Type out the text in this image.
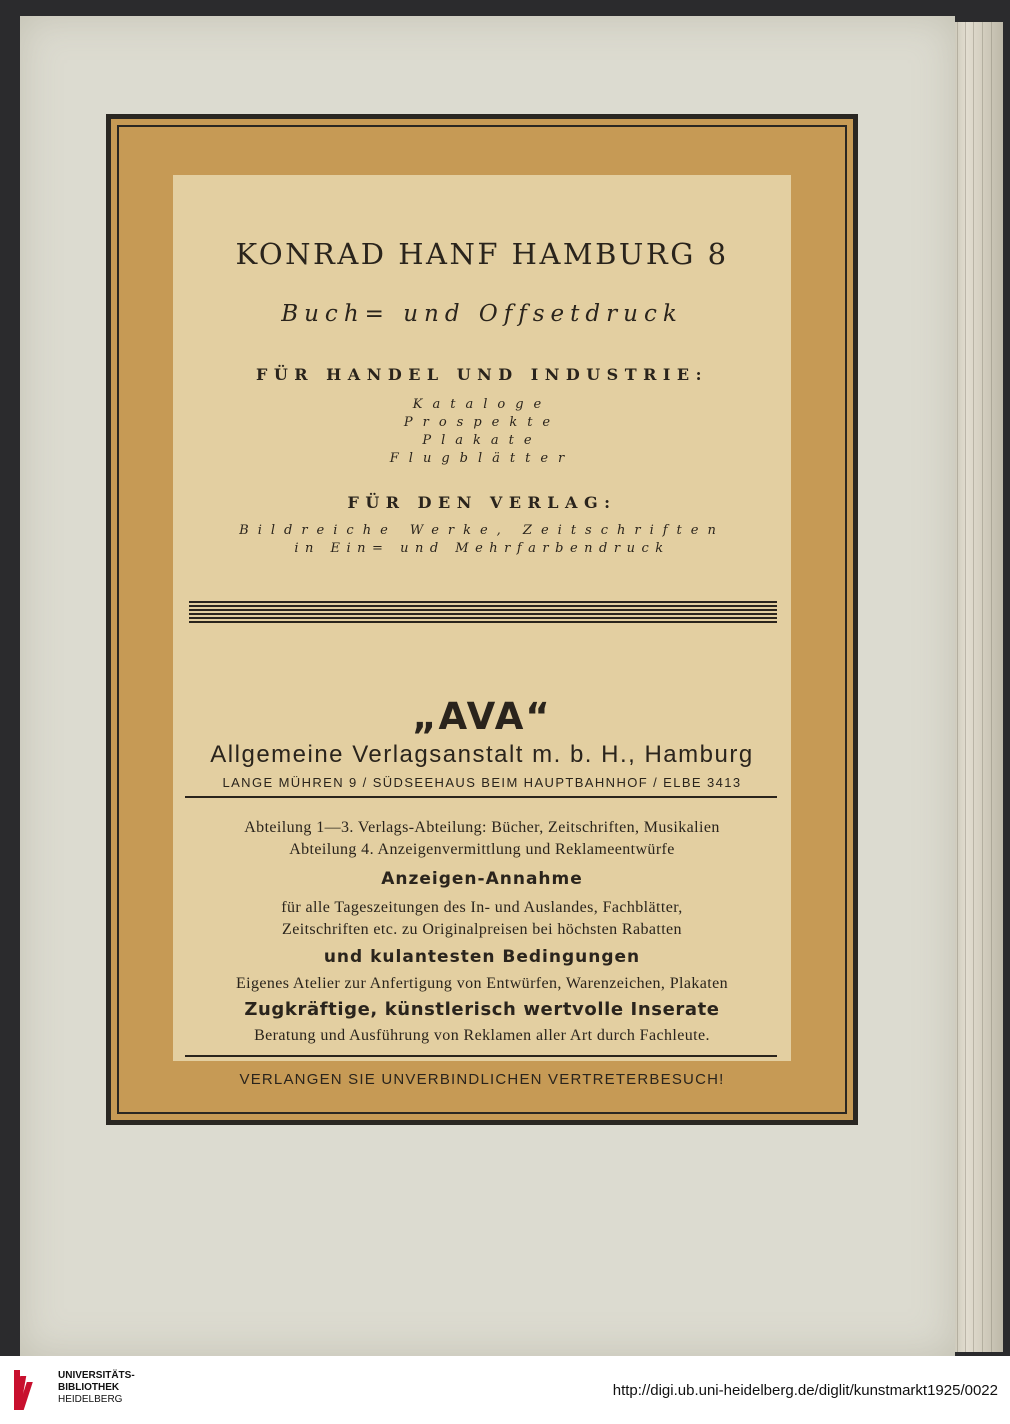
KONRAD HANF HAMBURG 8
Buch= und Offsetdruck
FÜR HANDEL UND INDUSTRIE:
Kataloge
Prospekte
Plakate
Flugblätter
FÜR DEN VERLAG:
Bildreiche Werke, Zeitschriften
in Ein= und Mehrfarbendruck
„AVA“
Allgemeine Verlagsanstalt m. b. H., Hamburg
LANGE MÜHREN 9 / SÜDSEEHAUS BEIM HAUPTBAHNHOF / ELBE 3413
Abteilung 1—3. Verlags-Abteilung: Bücher, Zeitschriften, Musikalien
Abteilung 4. Anzeigenvermittlung und Reklameentwürfe
Anzeigen-Annahme
für alle Tageszeitungen des In- und Auslandes, Fachblätter,
Zeitschriften etc. zu Originalpreisen bei höchsten Rabatten
und kulantesten Bedingungen
Eigenes Atelier zur Anfertigung von Entwürfen, Warenzeichen, Plakaten
Zugkräftige, künstlerisch wertvolle Inserate
Beratung und Ausführung von Reklamen aller Art durch Fachleute.
VERLANGEN SIE UNVERBINDLICHEN VERTRETERBESUCH!
UNIVERSITÄTS-
BIBLIOTHEK
HEIDELBERG
http://digi.ub.uni-heidelberg.de/diglit/kunstmarkt1925/0022
